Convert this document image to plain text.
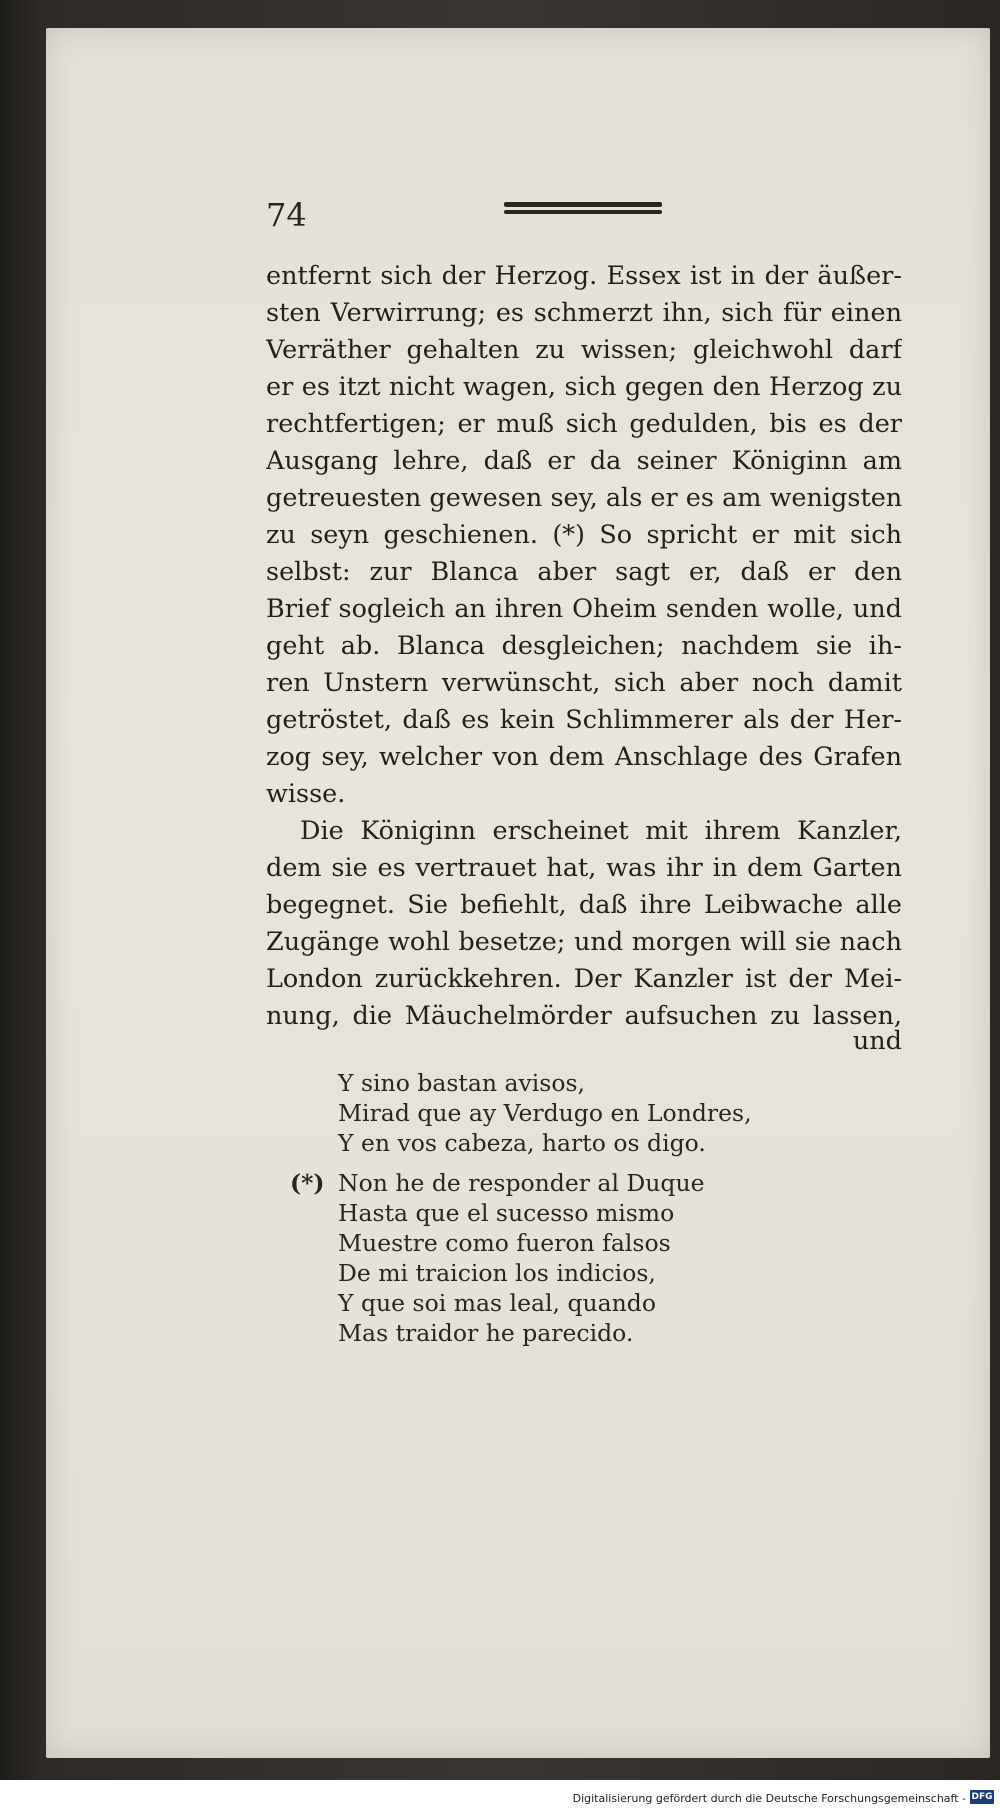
74
entfernt sich der Herzog. Essex ist in der äußer-
sten Verwirrung; es schmerzt ihn, sich für einen
Verräther gehalten zu wissen; gleichwohl darf
er es itzt nicht wagen, sich gegen den Herzog zu
rechtfertigen; er muß sich gedulden, bis es der
Ausgang lehre, daß er da seiner Königinn am
getreuesten gewesen sey, als er es am wenigsten
zu seyn geschienen. (*) So spricht er mit sich
selbst: zur Blanca aber sagt er, daß er den
Brief sogleich an ihren Oheim senden wolle, und
geht ab. Blanca desgleichen; nachdem sie ih-
ren Unstern verwünscht, sich aber noch damit
getröstet, daß es kein Schlimmerer als der Her-
zog sey, welcher von dem Anschlage des Grafen
wisse.
Die Königinn erscheinet mit ihrem Kanzler,
dem sie es vertrauet hat, was ihr in dem Garten
begegnet. Sie befiehlt, daß ihre Leibwache alle
Zugänge wohl besetze; und morgen will sie nach
London zurückkehren. Der Kanzler ist der Mei-
nung, die Mäuchelmörder aufsuchen zu lassen,
und
Y sino bastan avisos,
Mirad que ay Verdugo en Londres,
Y en vos cabeza, harto os digo.
(*) Non he de responder al Duque
Hasta que el sucesso mismo
Muestre como fueron falsos
De mi traicion los indicios,
Y que soi mas leal, quando
Mas traidor he parecido.
Digitalisierung gefördert durch die Deutsche Forschungsgemeinschaft - DFG
